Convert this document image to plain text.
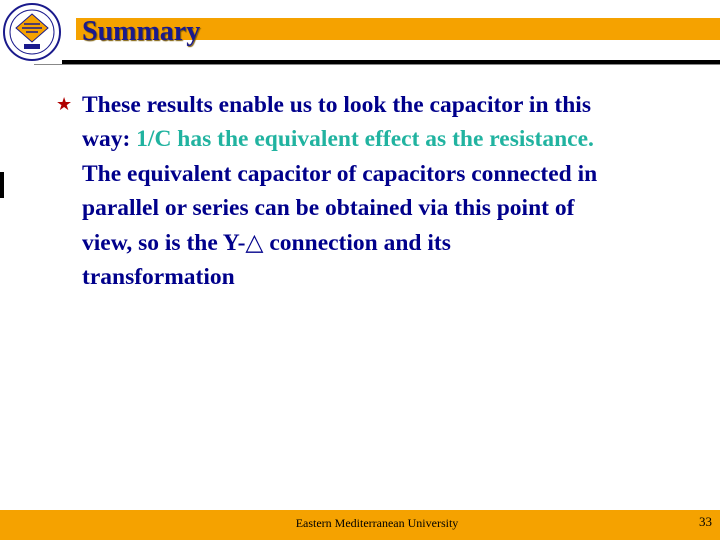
Summary
★ These results enable us to look the capacitor in this
way: 1/C has the equivalent effect as the resistance.
The equivalent capacitor of capacitors connected in
parallel or series can be obtained via this point of
view, so is the Y-△ connection and its
transformation
Eastern Mediterranean University	33
